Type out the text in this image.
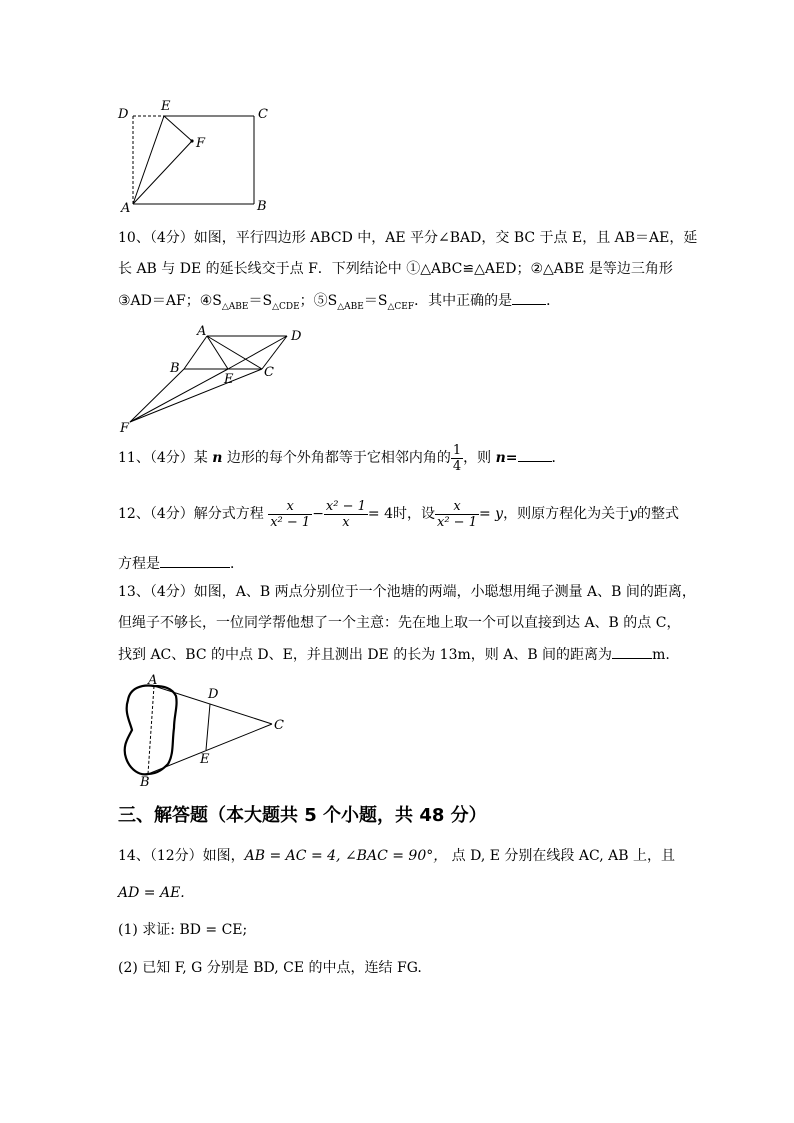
D
E
C
F
A	B
10、（4分）如图，平行四边形 ABCD 中，AE 平分∠BAD，交 BC 于点 E，且 AB＝AE，延
长 AB 与 DE 的延长线交于点 F．下列结论中 ①△ABC≌△AED；②△ABE 是等边三角形
③AD＝AF；$④S_{\triangle ABE}=S_{\triangle CDE}$；$⑤S_{\triangle ABE}=S_{\triangle CEF}$．其中正确的是 ．
A	D
B
E C
F
11、（4分）某 n 边形的每个外角都等于它相邻内角的 $\frac{1}{4}$ ，则 n= ．
12、（4分）解分式方程 $\frac{x}{\text{x² − 1}} - \frac{\text{x² − 1}}{x} = 4$时，设 $\frac{x}{\text{x² − 1}} = y$，则原方程化为关于y的整式
方程是	．
13、（4分）如图，A、B 两点分别位于一个池塘的两端，小聪想用绳子测量 A、B 间的距离，
但绳子不够长，一位同学帮他想了一个主意：先在地上取一个可以直接到达 A、B 的点 C，
找到 AC、BC 的中点 D、E，并且测出 DE 的长为 13m，则 A、B 间的距离为	m.
A
D
C
E
B
三、解答题（本大题共 5 个小题，共 48 分）
14、（12分）如图，AB = AC = 4, ∠BAC = 90°， 点 D, E 分别在线段 AC, AB 上，且
AD = AE.
(1) 求证: BD = CE;
(2) 已知 F, G 分别是 BD, CE 的中点，连结 FG.
